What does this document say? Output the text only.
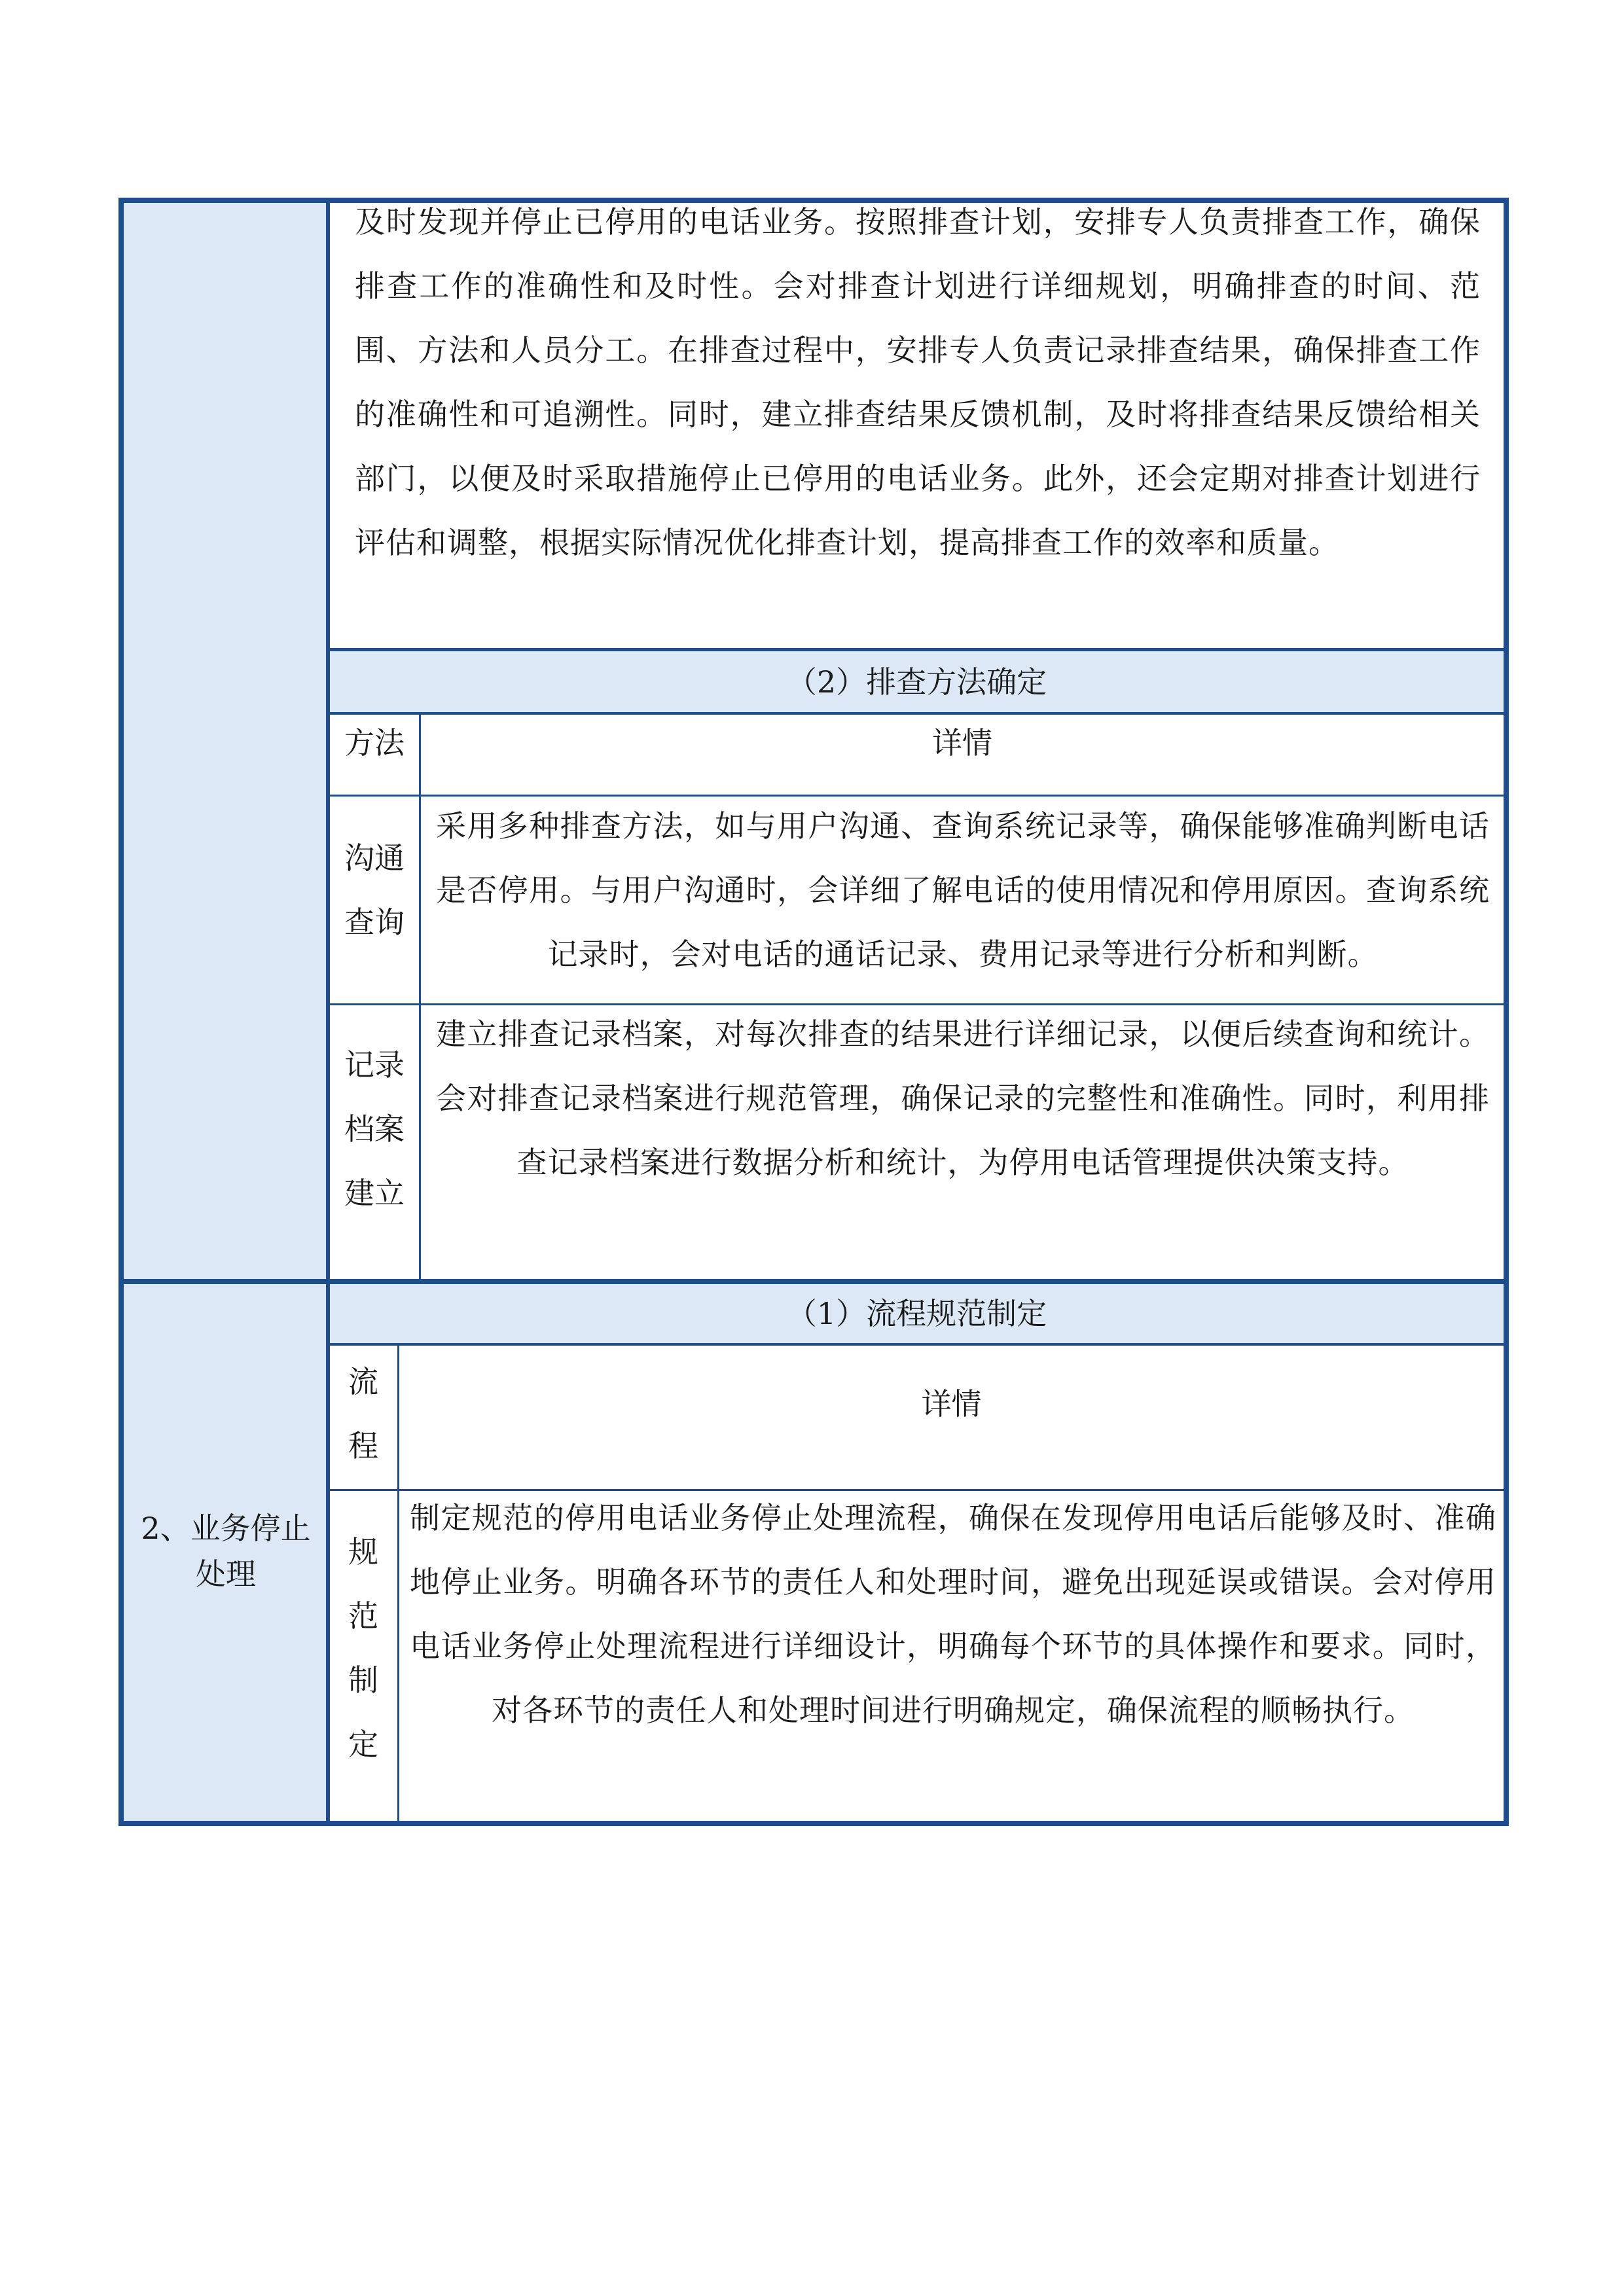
及时发现并停止已停用的电话业务。按照排查计划，安排专人负责排查工作，确保排查工作的准确性和及时性。会对排查计划进行详细规划，明确排查的时间、范围、方法和人员分工。在排查过程中，安排专人负责记录排查结果，确保排查工作的准确性和可追溯性。同时，建立排查结果反馈机制，及时将排查结果反馈给相关部门，以便及时采取措施停止已停用的电话业务。此外，还会定期对排查计划进行评估和调整，根据实际情况优化排查计划，提高排查工作的效率和质量。
（2）排查方法确定
方法	详情
沟通查询
采用多种排查方法，如与用户沟通、查询系统记录等，确保能够准确判断电话是否停用。与用户沟通时，会详细了解电话的使用情况和停用原因。查询系统记录时，会对电话的通话记录、费用记录等进行分析和判断。
记录档案建立
建立排查记录档案，对每次排查的结果进行详细记录，以便后续查询和统计。会对排查记录档案进行规范管理，确保记录的完整性和准确性。同时，利用排查记录档案进行数据分析和统计，为停用电话管理提供决策支持。
2、业务停止处理
（1）流程规范制定
流程
详情
规范制定
制定规范的停用电话业务停止处理流程，确保在发现停用电话后能够及时、准确地停止业务。明确各环节的责任人和处理时间，避免出现延误或错误。会对停用电话业务停止处理流程进行详细设计，明确每个环节的具体操作和要求。同时，对各环节的责任人和处理时间进行明确规定，确保流程的顺畅执行。
